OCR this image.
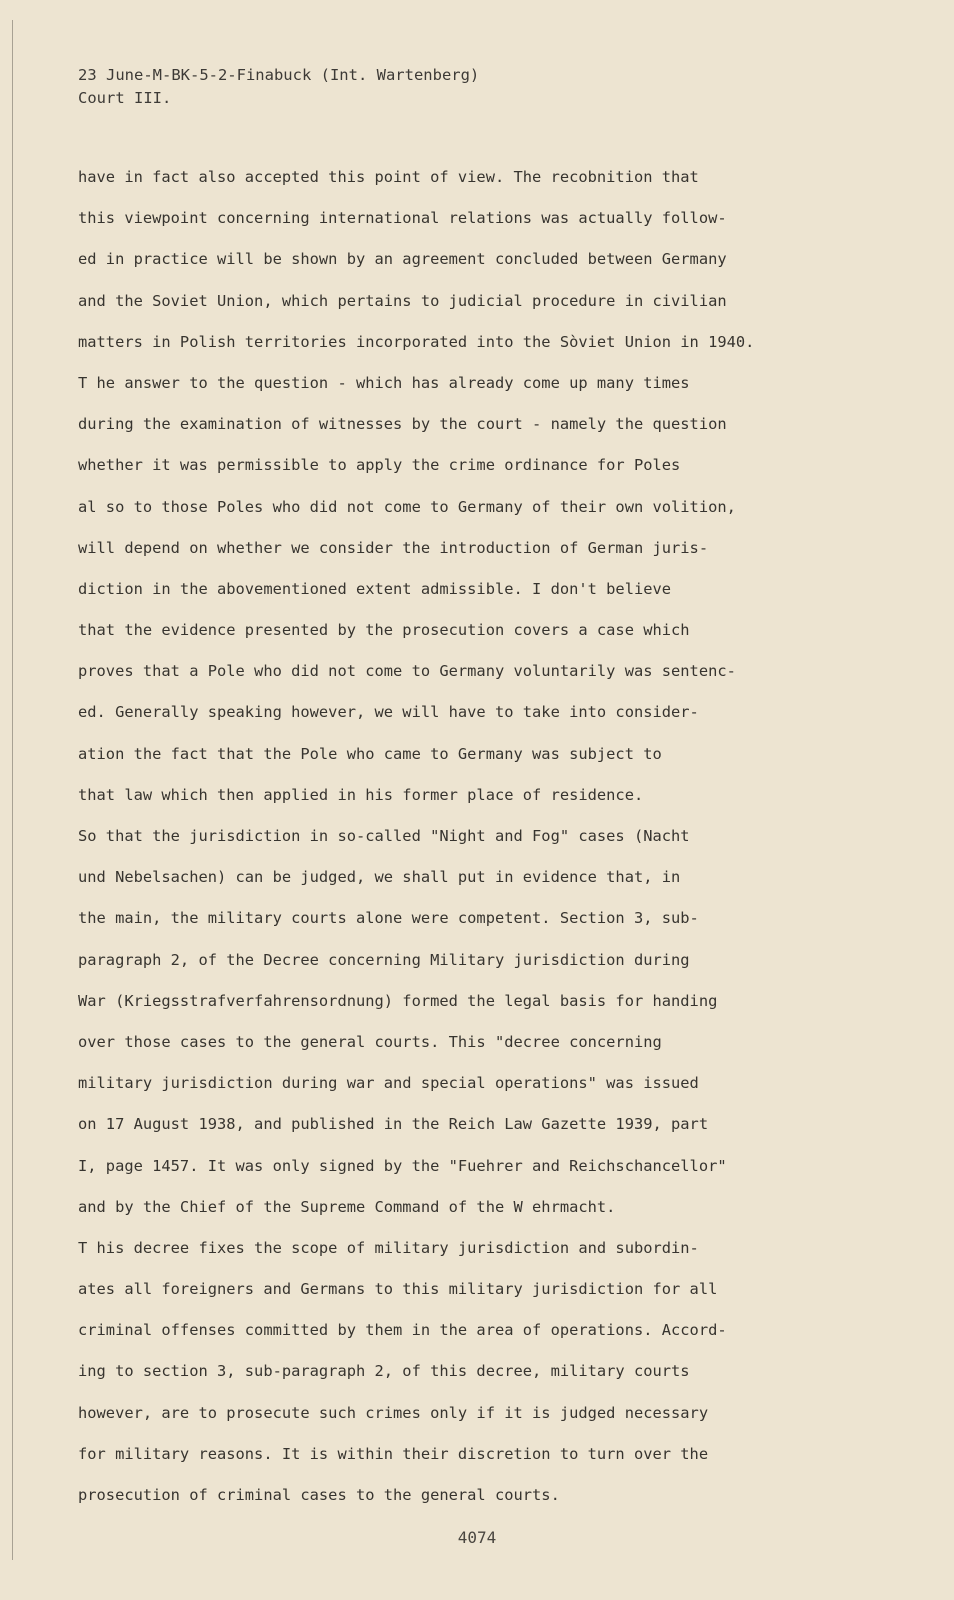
23 June-M-BK-5-2-Finabuck (Int. Wartenberg)
Court III.
have in fact also accepted this point of view. The recobnition that
this viewpoint concerning international relations was actually follow-
ed in practice will be shown by an agreement concluded between Germany
and the Soviet Union, which pertains to judicial procedure in civilian
matters in Polish territories incorporated into the Sòviet Union in 1940.
T he answer to the question - which has already come up many times
during the examination of witnesses by the court - namely the question
whether it was permissible to apply the crime ordinance for Poles
al so to those Poles who did not come to Germany of their own volition,
will depend on whether we consider the introduction of German juris-
diction in the abovementioned extent admissible. I don't believe
that the evidence presented by the prosecution covers a case which
proves that a Pole who did not come to Germany voluntarily was sentenc-
ed. Generally speaking however, we will have to take into consider-
ation the fact that the Pole who came to Germany was subject to
that law which then applied in his former place of residence.
So that the jurisdiction in so-called "Night and Fog" cases (Nacht
und Nebelsachen) can be judged, we shall put in evidence that, in
the main, the military courts alone were competent. Section 3, sub-
paragraph 2, of the Decree concerning Military jurisdiction during
War (Kriegsstrafverfahrensordnung) formed the legal basis for handing
over those cases to the general courts. This "decree concerning
military jurisdiction during war and special operations" was issued
on 17 August 1938, and published in the Reich Law Gazette 1939, part
I, page 1457. It was only signed by the "Fuehrer and Reichschancellor"
and by the Chief of the Supreme Command of the W ehrmacht.
T his decree fixes the scope of military jurisdiction and subordin-
ates all foreigners and Germans to this military jurisdiction for all
criminal offenses committed by them in the area of operations. Accord-
ing to section 3, sub-paragraph 2, of this decree, military courts
however, are to prosecute such crimes only if it is judged necessary
for military reasons. It is within their discretion to turn over the
prosecution of criminal cases to the general courts.
4074
